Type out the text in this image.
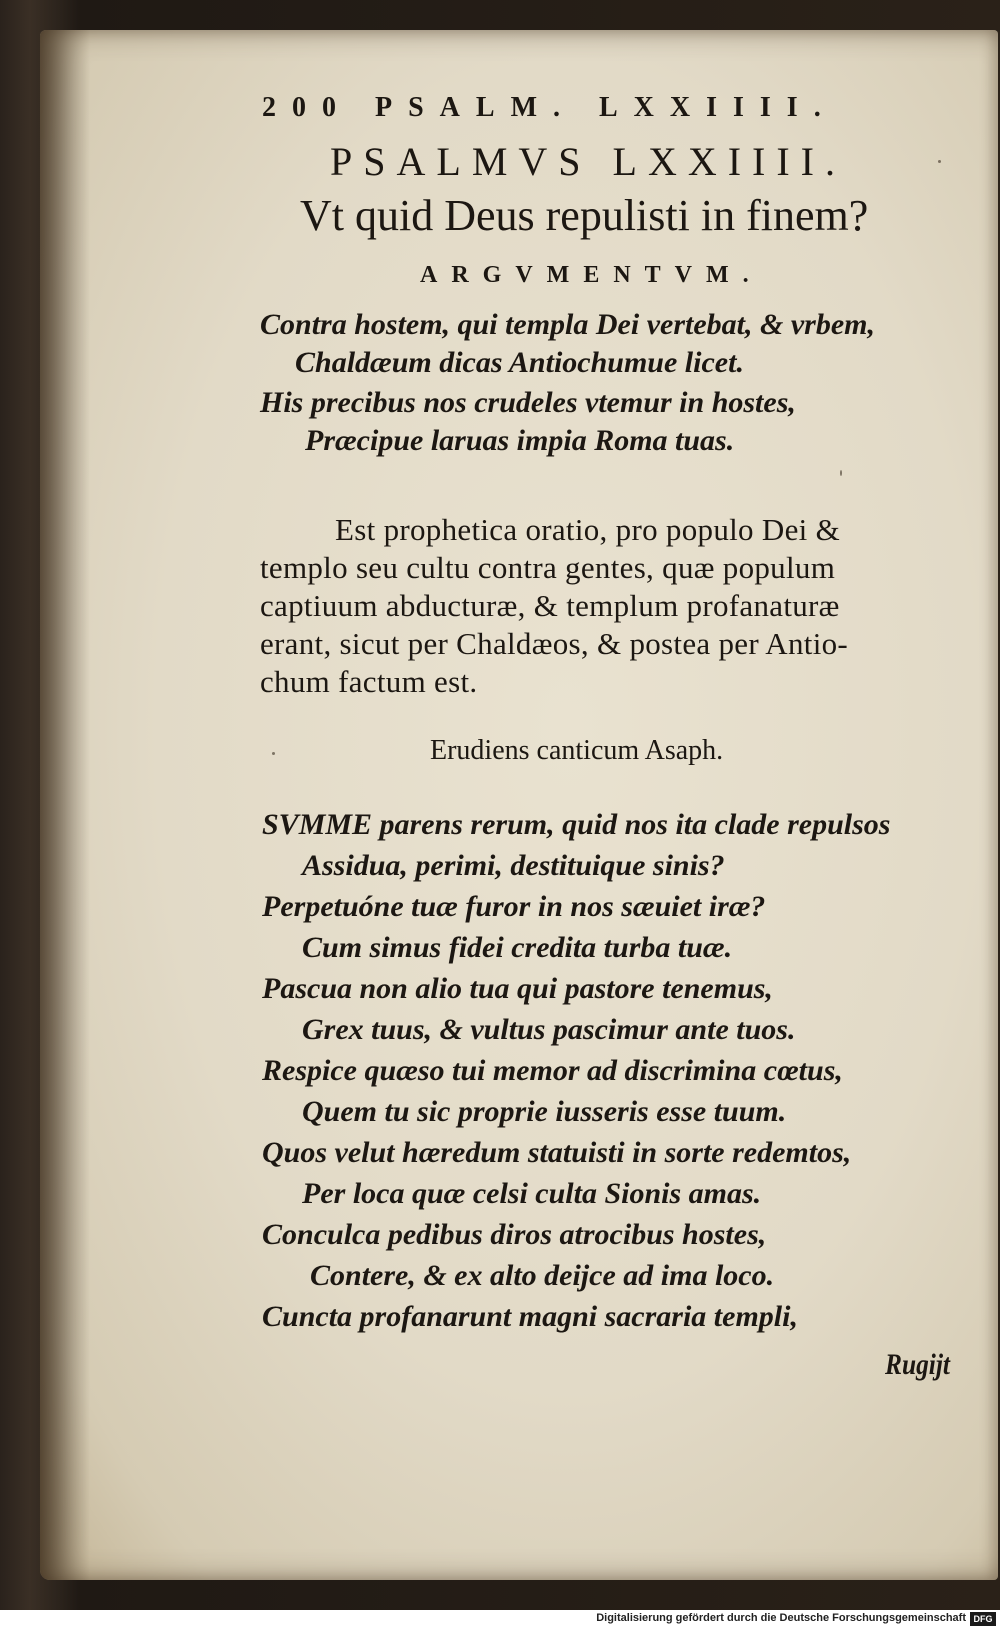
200 PSALM. LXXIIII.
PSALMVS LXXIIII.
Vt quid Deus repulisti in finem?
ARGVMENTVM.
Contra hostem, qui templa Dei vertebat, & vrbem,
Chaldæum dicas Antiochumue licet.
His precibus nos crudeles vtemur in hostes,
Præcipue laruas impia Roma tuas.
Est prophetica oratio, pro populo Dei &
templo seu cultu contra gentes, quæ populum
captiuum abducturæ, & templum profanaturæ
erant, sicut per Chaldæos, & postea per Antio-
chum factum est.
Erudiens canticum Asaph.
SVMME parens rerum, quid nos ita clade repulsos
Assidua, perimi, destituique sinis?
Perpetuóne tuæ furor in nos sæuiet iræ?
Cum simus fidei credita turba tuæ.
Pascua non alio tua qui pastore tenemus,
Grex tuus, & vultus pascimur ante tuos.
Respice quæso tui memor ad discrimina cœtus,
Quem tu sic proprie iusseris esse tuum.
Quos velut hæredum statuisti in sorte redemtos,
Per loca quæ celsi culta Sionis amas.
Conculca pedibus diros atrocibus hostes,
Contere, & ex alto deijce ad ima loco.
Cuncta profanarunt magni sacraria templi,
Rugijt
Digitalisierung gefördert durch die Deutsche Forschungsgemeinschaft DFG
